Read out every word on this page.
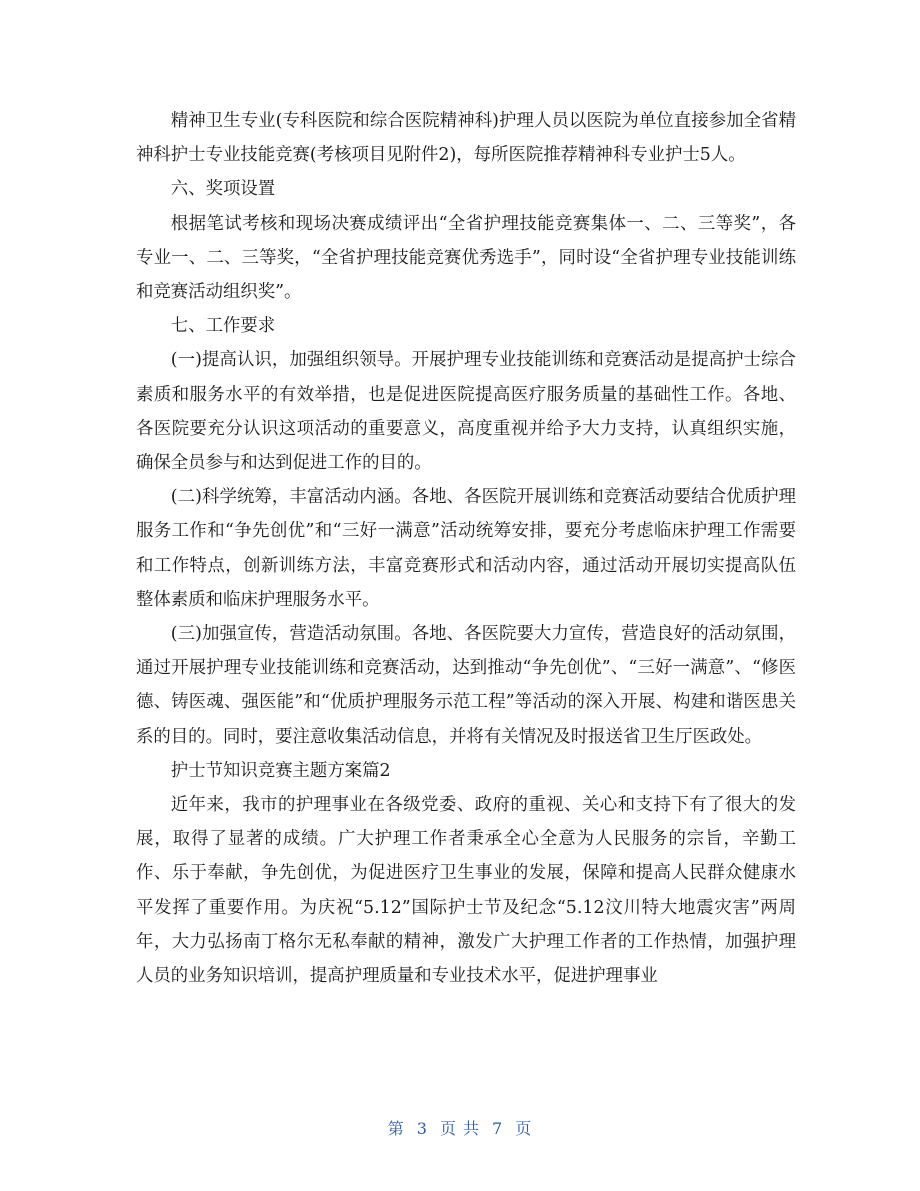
精神卫生专业(专科医院和综合医院精神科)护理人员以医院为单位直接参加全省精神科护士专业技能竞赛(考核项目见附件2)，每所医院推荐精神科专业护士5人。

六、奖项设置

根据笔试考核和现场决赛成绩评出“全省护理技能竞赛集体一、二、三等奖”，各专业一、二、三等奖，“全省护理技能竞赛优秀选手”，同时设“全省护理专业技能训练和竞赛活动组织奖”。

七、工作要求

(一)提高认识，加强组织领导。开展护理专业技能训练和竞赛活动是提高护士综合素质和服务水平的有效举措，也是促进医院提高医疗服务质量的基础性工作。各地、各医院要充分认识这项活动的重要意义，高度重视并给予大力支持，认真组织实施，确保全员参与和达到促进工作的目的。

(二)科学统筹，丰富活动内涵。各地、各医院开展训练和竞赛活动要结合优质护理服务工作和“争先创优”和“三好一满意”活动统筹安排，要充分考虑临床护理工作需要和工作特点，创新训练方法，丰富竞赛形式和活动内容，通过活动开展切实提高队伍整体素质和临床护理服务水平。

(三)加强宣传，营造活动氛围。各地、各医院要大力宣传，营造良好的活动氛围，通过开展护理专业技能训练和竞赛活动，达到推动“争先创优”、“三好一满意”、“修医德、铸医魂、强医能”和“优质护理服务示范工程”等活动的深入开展、构建和谐医患关系的目的。同时，要注意收集活动信息，并将有关情况及时报送省卫生厅医政处。

护士节知识竞赛主题方案篇2

近年来，我市的护理事业在各级党委、政府的重视、关心和支持下有了很大的发展，取得了显著的成绩。广大护理工作者秉承全心全意为人民服务的宗旨，辛勤工作、乐于奉献，争先创优，为促进医疗卫生事业的发展，保障和提高人民群众健康水平发挥了重要作用。为庆祝“5.12”国际护士节及纪念“5.12汶川特大地震灾害”两周年，大力弘扬南丁格尔无私奉献的精神，激发广大护理工作者的工作热情，加强护理人员的业务知识培训，提高护理质量和专业技术水平，促进护理事业

第 3 页 共 7 页
